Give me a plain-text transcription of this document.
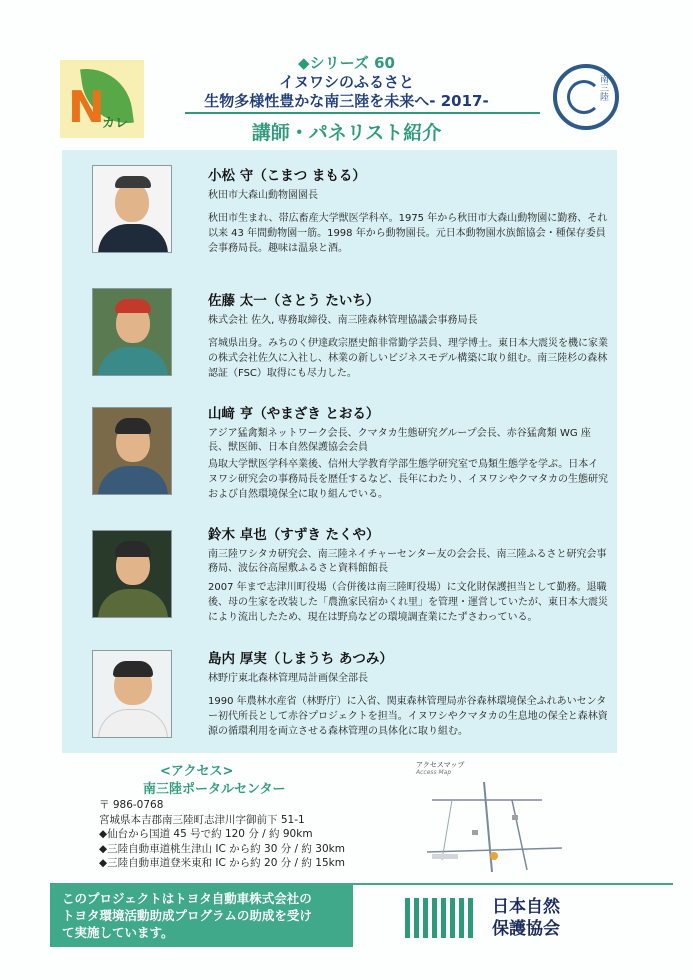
N
カレ
南三陸
◆シリーズ 60
イヌワシのふるさと
生物多様性豊かな南三陸を未来へ- 2017-
講師・パネリスト紹介
小松 守（こまつ まもる）
秋田市大森山動物園園長
秋田市生まれ、帯広畜産大学獣医学科卒。1975 年から秋田市大森山動物園に勤務、それ以来 43 年間動物園一筋。1998 年から動物園長。元日本動物園水族館協会・種保存委員会事務局長。趣味は温泉と酒。
佐藤 太一（さとう たいち）
株式会社 佐久, 専務取締役、南三陸森林管理協議会事務局長
宮城県出身。みちのく伊達政宗歴史館非常勤学芸員、理学博士。東日本大震災を機に家業の株式会社佐久に入社し、林業の新しいビジネスモデル構築に取り組む。南三陸杉の森林認証（FSC）取得にも尽力した。
山﨑 亨（やまざき とおる）
アジア猛禽類ネットワーク会長、クマタカ生態研究グループ会長、赤谷猛禽類 WG 座長、獣医師、日本自然保護協会会員
鳥取大学獣医学科卒業後、信州大学教育学部生態学研究室で鳥類生態学を学ぶ。日本イヌワシ研究会の事務局長を歴任するなど、長年にわたり、イヌワシやクマタカの生態研究および自然環境保全に取り組んでいる。
鈴木 卓也（すずき たくや）
南三陸ワシタカ研究会、南三陸ネイチャーセンター友の会会長、南三陸ふるさと研究会事務局、波伝谷高屋敷ふるさと資料館館長
2007 年まで志津川町役場（合併後は南三陸町役場）に文化財保護担当として勤務。退職後、母の生家を改装した「農漁家民宿かくれ里」を管理・運営していたが、東日本大震災により流出したため、現在は野鳥などの環境調査業にたずさわっている。
島内 厚実（しまうち あつみ）
林野庁東北森林管理局計画保全部長
1990 年農林水産省（林野庁）に入省、関東森林管理局赤谷森林環境保全ふれあいセンター初代所長として赤谷プロジェクトを担当。イヌワシやクマタカの生息地の保全と森林資源の循環利用を両立させる森林管理の具体化に取り組む。
<アクセス>
南三陸ポータルセンター
〒 986-0768
宮城県本吉郡南三陸町志津川字御前下 51-1
◆仙台から国道 45 号で約 120 分 / 約 90km
◆三陸自動車道桃生津山 IC から約 30 分 / 約 30km
◆三陸自動車道登米東和 IC から約 20 分 / 約 15km
アクセスマップ
Access Map
このプロジェクトはトヨタ自動車株式会社の
トヨタ環境活動助成プログラムの助成を受け
て実施しています。
日本自然
保護協会
